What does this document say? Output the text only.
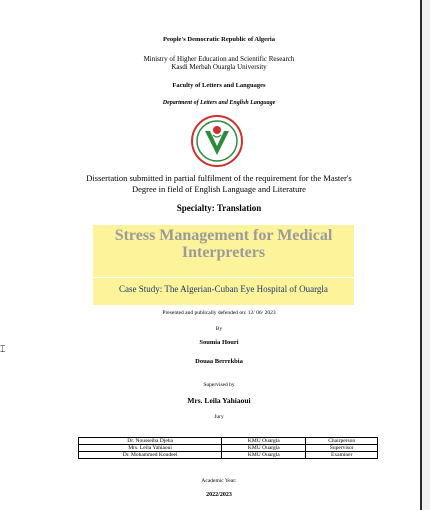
People's Democratic Republic of Algeria
Ministry of Higher Education and Scientific Research
Kasdi Merbah Ouargla University
Faculty of Letters and Languages
Department of Letters and English Language
Dissertation submitted in partial fulfilment of the requirement for the Master's
Degree in field of English Language and Literature
Specialty: Translation
Stress Management for Medical
Interpreters
Case Study: The Algerian-Cuban Eye Hospital of Ouargla
Presented and publically defended on: 12/ 06/ 2023
By
Soumia Houri
Douaa Berrekbia
Supervised by
Mrs. Leila Yahiaoui
Jury
Dr. Nousseiba Djeha	KMU Ouargla	Chairperson
Mrs. Leila Yahiaoui	KMU Ouargla	Supervisor
Dr. Mohammed Koudeel	KMU Ouargla	Examiner
Academic Year:
2022/2023
⌶
